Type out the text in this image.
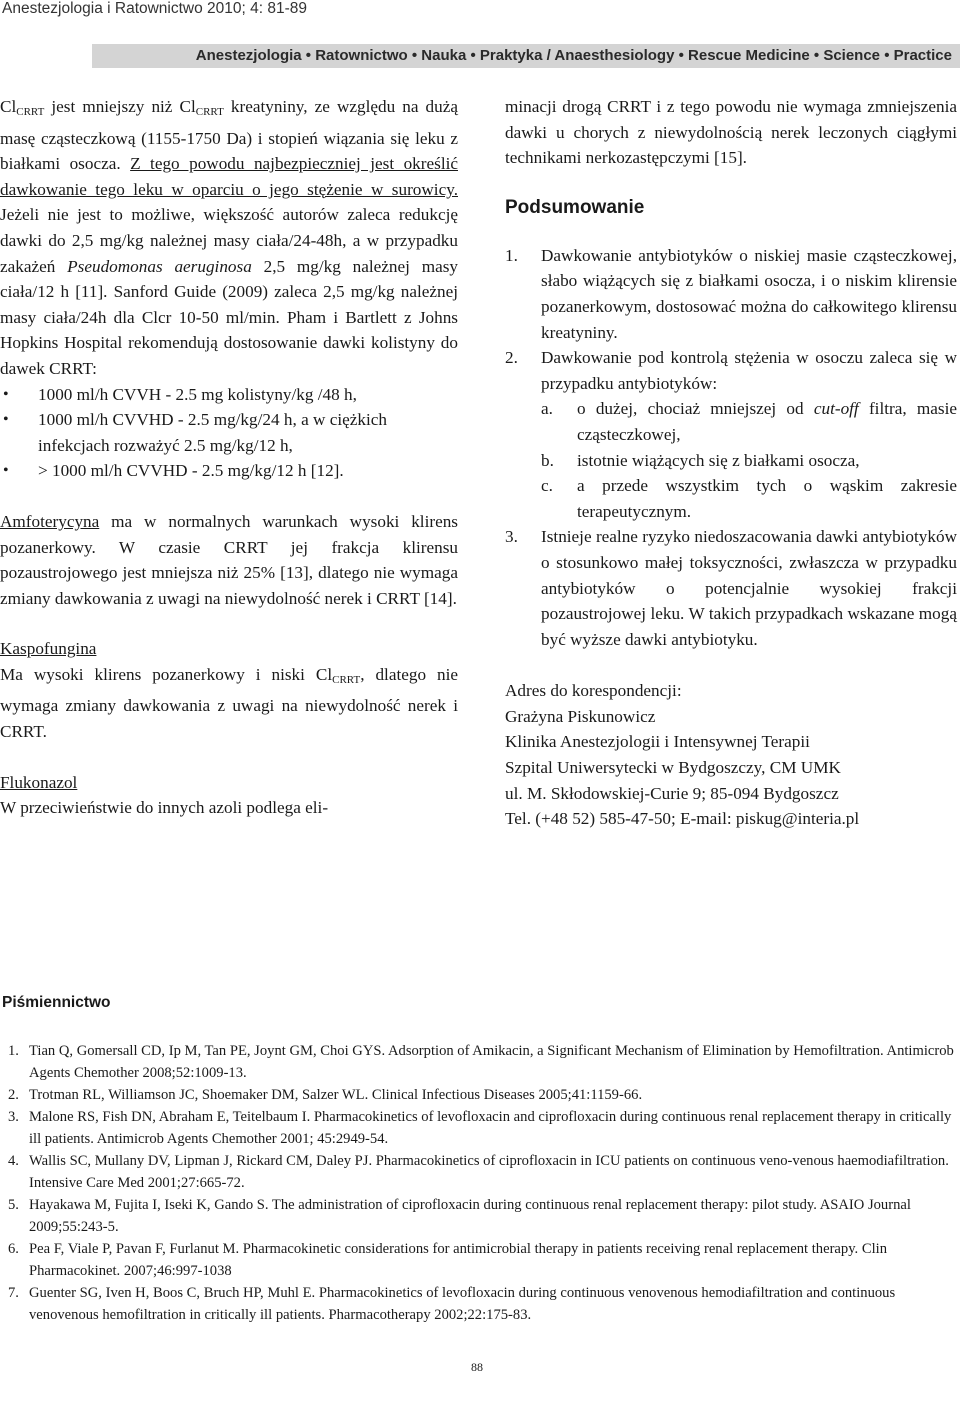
Anestezjologia i Ratownictwo 2010; 4: 81-89
Anestezjologia • Ratownictwo • Nauka • Praktyka / Anaesthesiology • Rescue Medicine • Science • Practice

$Cl_{CRRT}$ jest mniejszy niż $Cl_{CRRT}$ kreatyniny, ze względu na dużą masę cząsteczkową (1155-1750 Da) i stopień wiązania się leku z białkami osocza. Z tego powodu najbezpieczniej jest określić dawkowanie tego leku w oparciu o jego stężenie w surowicy. Jeżeli nie jest to możliwe, większość autorów zaleca redukcję dawki do 2,5 mg/kg należnej masy ciała/24-48h, a w przypadku zakażeń Pseudomonas aeruginosa 2,5 mg/kg należnej masy ciała/12 h [11]. Sanford Guide (2009) zaleca 2,5 mg/kg należnej masy ciała/24h dla Clcr 10-50 ml/min. Pham i Bartlett z Johns Hopkins Hospital rekomendują dostosowanie dawki kolistyny do dawek CRRT:

• 1000 ml/h CVVH - 2.5 mg kolistyny/kg /48 h,
• 1000 ml/h CVVHD - 2.5 mg/kg/24 h, a w ciężkich infekcjach rozważyć 2.5 mg/kg/12 h,
• > 1000 ml/h CVVHD - 2.5 mg/kg/12 h [12].

Amfoterycyna ma w normalnych warunkach wysoki klirens pozanerkowy. W czasie CRRT jej frakcja klirensu pozaustrojowego jest mniejsza niż 25% [13], dlatego nie wymaga zmiany dawkowania z uwagi na niewydolność nerek i CRRT [14].

Kaspofungina

Ma wysoki klirens pozanerkowy i niski $Cl_{CRRT}$, dlatego nie wymaga zmiany dawkowania z uwagi na niewydolność nerek i CRRT.

Flukonazol

W przeciwieństwie do innych azoli podlega eli-

minacji drogą CRRT i z tego powodu nie wymaga zmniejszenia dawki u chorych z niewydolnością nerek leczonych ciągłymi technikami nerkozastępczymi [15].

Podsumowanie
1. Dawkowanie antybiotyków o niskiej masie cząsteczkowej, słabo wiążących się z białkami osocza, i o niskim klirensie pozanerkowym, dostosować można do całkowitego klirensu kreatyniny.
2. Dawkowanie pod kontrolą stężenia w osoczu zaleca się w przypadku antybiotyków:
a. o dużej, chociaż mniejszej od cut-off filtra, masie cząsteczkowej,
b. istotnie wiążących się z białkami osocza,
c. a przede wszystkim tych o wąskim zakresie terapeutycznym.
3. Istnieje realne ryzyko niedoszacowania dawki antybiotyków o stosunkowo małej toksyczności, zwłaszcza w przypadku antybiotyków o potencjalnie wysokiej frakcji pozaustrojowej leku. W takich przypadkach wskazane mogą być wyższe dawki antybiotyku.
Adres do korespondencji:
Grażyna Piskunowicz
Klinika Anestezjologii i Intensywnej Terapii
Szpital Uniwersytecki w Bydgoszczy, CM UMK
ul. M. Skłodowskiej-Curie 9; 85-094 Bydgoszcz
Tel. (+48 52) 585-47-50; E-mail: piskug@interia.pl
Piśmiennictwo
1. Tian Q, Gomersall CD, Ip M, Tan PE, Joynt GM, Choi GYS. Adsorption of Amikacin, a Significant Mechanism of Elimination by Hemofiltration. Antimicrob Agents Chemother 2008;52:1009-13.
2. Trotman RL, Williamson JC, Shoemaker DM, Salzer WL. Clinical Infectious Diseases 2005;41:1159-66.
3. Malone RS, Fish DN, Abraham E, Teitelbaum I. Pharmacokinetics of levofloxacin and ciprofloxacin during continuous renal replacement therapy in critically ill patients. Antimicrob Agents Chemother 2001; 45:2949-54.
4. Wallis SC, Mullany DV, Lipman J, Rickard CM, Daley PJ. Pharmacokinetics of ciprofloxacin in ICU patients on continuous veno-venous haemodiafiltration. Intensive Care Med 2001;27:665-72.
5. Hayakawa M, Fujita I, Iseki K, Gando S. The administration of ciprofloxacin during continuous renal replacement therapy: pilot study. ASAIO Journal 2009;55:243-5.
6. Pea F, Viale P, Pavan F, Furlanut M. Pharmacokinetic considerations for antimicrobial therapy in patients receiving renal replacement therapy. Clin Pharmacokinet. 2007;46:997-1038
7. Guenter SG, Iven H, Boos C, Bruch HP, Muhl E. Pharmacokinetics of levofloxacin during continuous venovenous hemodiafiltration and continuous venovenous hemofiltration in critically ill patients. Pharmacotherapy 2002;22:175-83.
88
